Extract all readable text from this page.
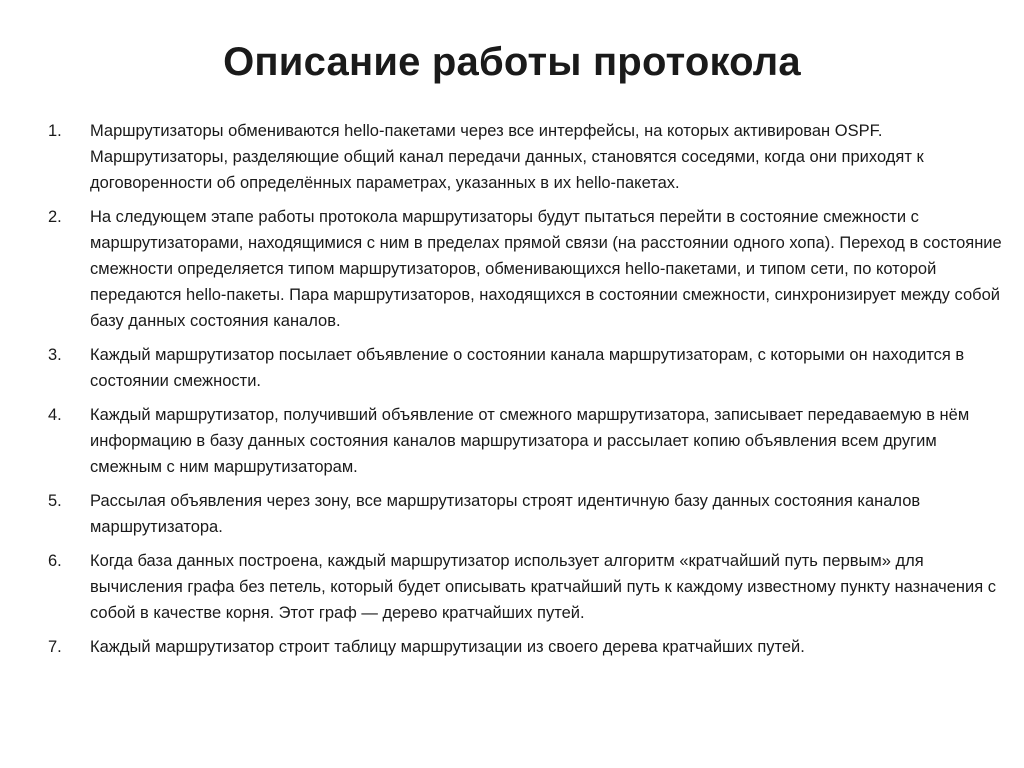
Описание работы протокола
1.	Маршрутизаторы обмениваются hello-пакетами через все интерфейсы, на которых активирован OSPF. Маршрутизаторы, разделяющие общий канал передачи данных, становятся соседями, когда они приходят к договоренности об определённых параметрах, указанных в их hello-пакетах.
2.	На следующем этапе работы протокола маршрутизаторы будут пытаться перейти в состояние смежности с маршрутизаторами, находящимися с ним в пределах прямой связи (на расстоянии одного хопа). Переход в состояние смежности определяется типом маршрутизаторов, обменивающихся hello-пакетами, и типом сети, по которой передаются hello-пакеты. Пара маршрутизаторов, находящихся в состоянии смежности, синхронизирует между собой базу данных состояния каналов.
3.	Каждый маршрутизатор посылает объявление о состоянии канала маршрутизаторам, с которыми он находится в состоянии смежности.
4.	Каждый маршрутизатор, получивший объявление от смежного маршрутизатора, записывает передаваемую в нём информацию в базу данных состояния каналов маршрутизатора и рассылает копию объявления всем другим смежным с ним маршрутизаторам.
5.	Рассылая объявления через зону, все маршрутизаторы строят идентичную базу данных состояния каналов маршрутизатора.
6.	Когда база данных построена, каждый маршрутизатор использует алгоритм «кратчайший путь первым» для вычисления графа без петель, который будет описывать кратчайший путь к каждому известному пункту назначения с собой в качестве корня. Этот граф — дерево кратчайших путей.
7.	Каждый маршрутизатор строит таблицу маршрутизации из своего дерева кратчайших путей.
